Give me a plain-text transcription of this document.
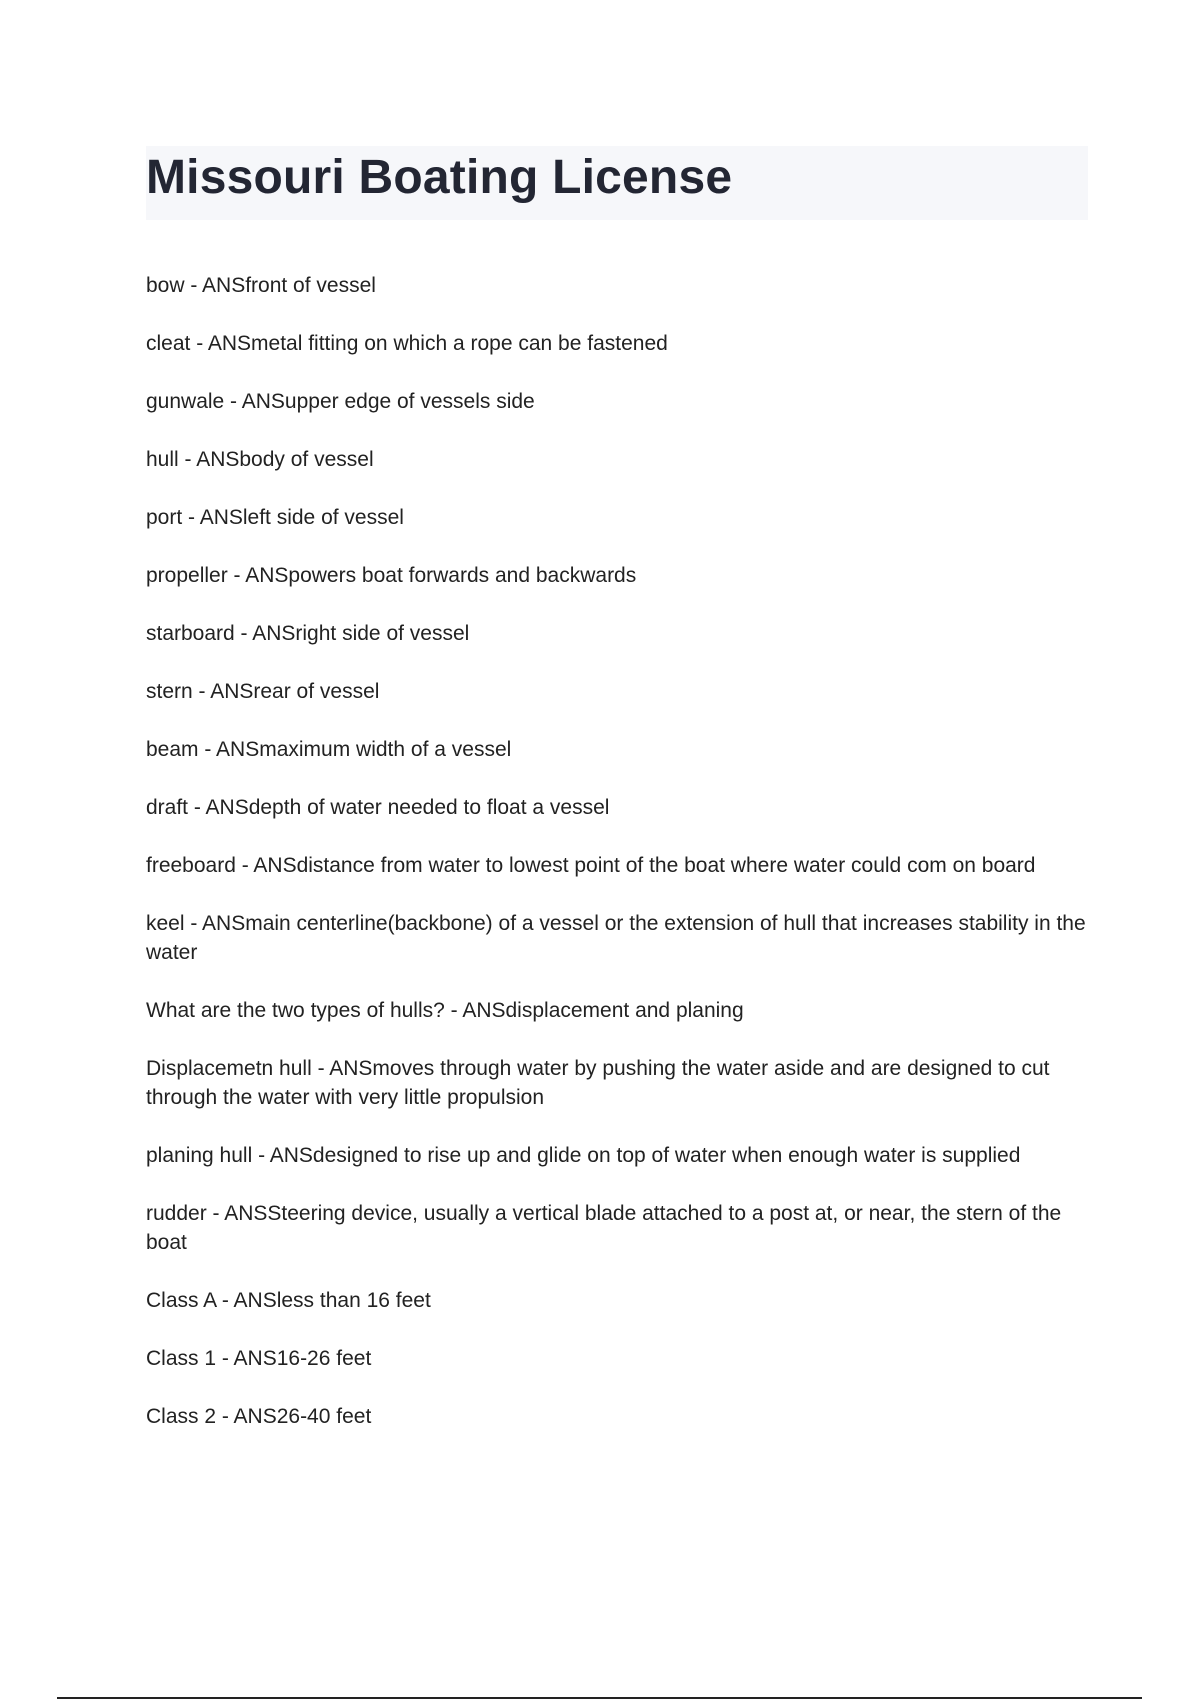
Missouri Boating License

bow - ANSfront of vessel

cleat - ANSmetal fitting on which a rope can be fastened

gunwale - ANSupper edge of vessels side

hull - ANSbody of vessel

port - ANSleft side of vessel

propeller - ANSpowers boat forwards and backwards

starboard - ANSright side of vessel

stern - ANSrear of vessel

beam - ANSmaximum width of a vessel

draft - ANSdepth of water needed to float a vessel

freeboard - ANSdistance from water to lowest point of the boat where water could com on board

keel - ANSmain centerline(backbone) of a vessel or the extension of hull that increases stability in the water

What are the two types of hulls? - ANSdisplacement and planing

Displacemetn hull - ANSmoves through water by pushing the water aside and are designed to cut through the water with very little propulsion

planing hull - ANSdesigned to rise up and glide on top of water when enough water is supplied

rudder - ANSSteering device, usually a vertical blade attached to a post at, or near, the stern of the boat

Class A - ANSless than 16 feet

Class 1 - ANS16-26 feet

Class 2 - ANS26-40 feet
